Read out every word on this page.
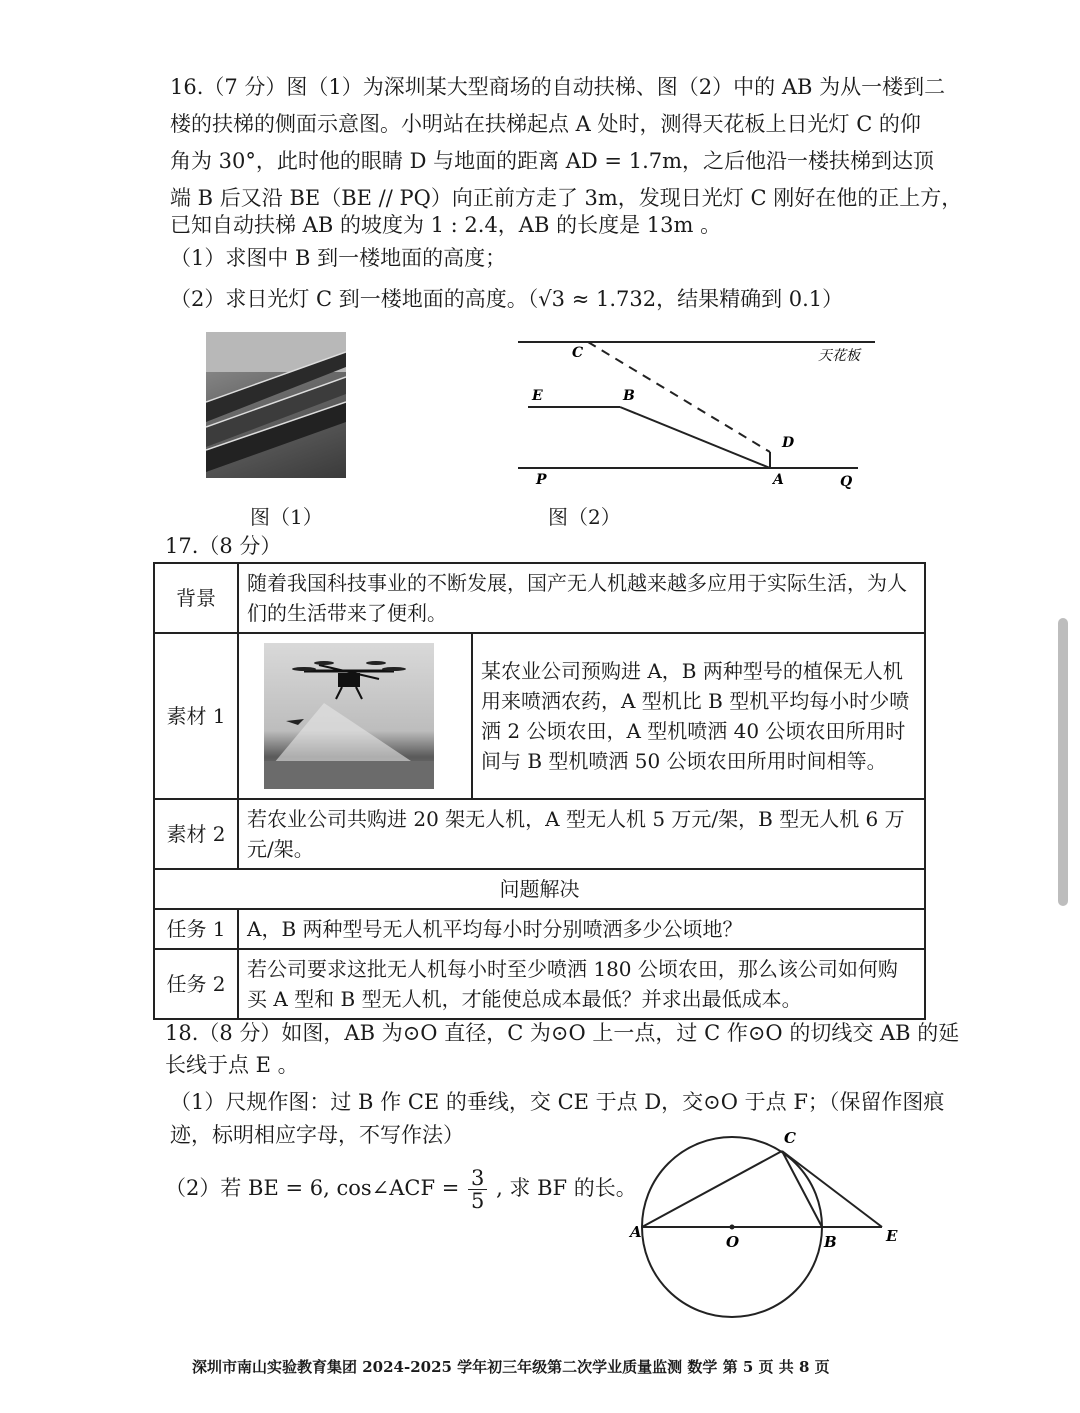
16.（7 分）图（1）为深圳某大型商场的自动扶梯、图（2）中的 AB 为从一楼到二
楼的扶梯的侧面示意图。小明站在扶梯起点 A 处时，测得天花板上日光灯 C 的仰
角为 30°，此时他的眼睛 D 与地面的距离 AD = 1.7m，之后他沿一楼扶梯到达顶
端 B 后又沿 BE（BE // PQ）向正前方走了 3m，发现日光灯 C 刚好在他的正上方，
已知自动扶梯 AB 的坡度为 1 : 2.4，AB 的长度是 13m 。
（1）求图中 B 到一楼地面的高度；
（2）求日光灯 C 到一楼地面的高度。（√3 ≈ 1.732，结果精确到 0.1）
图（1）
C	天花板
E	B
D
P	A	Q
图（2）
17.（8 分）
背景	随着我国科技事业的不断发展，国产无人机越来越多应用于实际生活，为人们的生活带来了便利。	
素材 1		某农业公司预购进 A，B 两种型号的植保无人机用来喷洒农药，A 型机比 B 型机平均每小时少喷洒 2 公顷农田，A 型机喷洒 40 公顷农田所用时间与 B 型机喷洒 50 公顷农田所用时间相等。
素材 2	若农业公司共购进 20 架无人机，A 型无人机 5 万元/架，B 型无人机 6 万元/架。	
问题解决		
任务 1	A，B 两种型号无人机平均每小时分别喷洒多少公顷地？	
任务 2	若公司要求这批无人机每小时至少喷洒 180 公顷农田，那么该公司如何购买 A 型和 B 型无人机，才能使总成本最低？并求出最低成本。	
18.（8 分）如图，AB 为⊙O 直径，C 为⊙O 上一点，过 C 作⊙O 的切线交 AB 的延
长线于点 E 。
（1）尺规作图：过 B 作 CE 的垂线，交 CE 于点 D，交⊙O 于点 F；（保留作图痕
迹，标明相应字母，不写作法）
（2）若 BE = 6, cos∠ACF = $\frac{3}{5}$ , 求 BF 的长。
A
O	B	E
C
深圳市南山实验教育集团 2024-2025 学年初三年级第二次学业质量监测 数学 第 5 页 共 8 页
